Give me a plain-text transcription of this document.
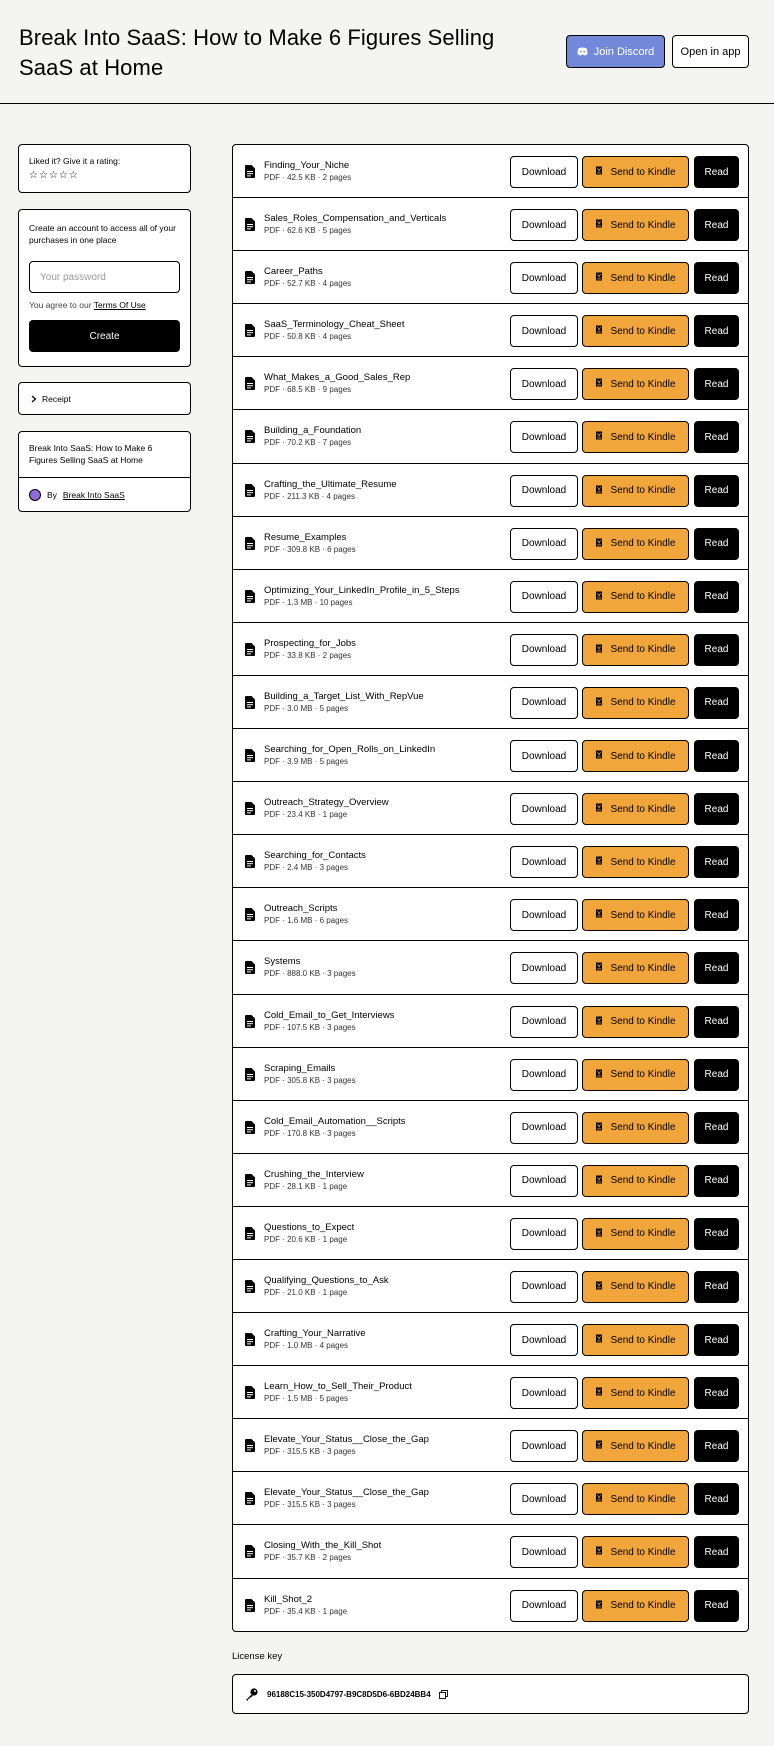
Break Into SaaS: How to Make 6 Figures Selling SaaS at Home
Join Discord	Open in app
Liked it? Give it a rating:
☆ ☆ ☆ ☆ ☆
Create an account to access all of your purchases in one place
You agree to our Terms Of Use
Create
Receipt
Break Into SaaS: How to Make 6 Figures Selling SaaS at Home
By Break Into SaaS
Finding_Your_Niche
PDF · 42.5 KB · 2 pages	Download	Send to Kindle	Read
Sales_Roles_Compensation_and_Verticals
PDF · 62.6 KB · 5 pages	Download	Send to Kindle	Read
Career_Paths
PDF · 52.7 KB · 4 pages	Download	Send to Kindle	Read
SaaS_Terminology_Cheat_Sheet
PDF · 50.8 KB · 4 pages	Download	Send to Kindle	Read
What_Makes_a_Good_Sales_Rep
PDF · 68.5 KB · 9 pages	Download	Send to Kindle	Read
Building_a_Foundation
PDF · 70.2 KB · 7 pages	Download	Send to Kindle	Read
Crafting_the_Ultimate_Resume
PDF · 211.3 KB · 4 pages	Download	Send to Kindle	Read
Resume_Examples
PDF · 309.8 KB · 6 pages	Download	Send to Kindle	Read
Optimizing_Your_LinkedIn_Profile_in_5_Steps
PDF · 1.3 MB · 10 pages	Download	Send to Kindle	Read
Prospecting_for_Jobs
PDF · 33.8 KB · 2 pages	Download	Send to Kindle	Read
Building_a_Target_List_With_RepVue
PDF · 3.0 MB · 5 pages	Download	Send to Kindle	Read
Searching_for_Open_Rolls_on_LinkedIn
PDF · 3.9 MB · 5 pages	Download	Send to Kindle	Read
Outreach_Strategy_Overview
PDF · 23.4 KB · 1 page	Download	Send to Kindle	Read
Searching_for_Contacts
PDF · 2.4 MB · 3 pages	Download	Send to Kindle	Read
Outreach_Scripts
PDF · 1.6 MB · 6 pages	Download	Send to Kindle	Read
Systems
PDF · 888.0 KB · 3 pages	Download	Send to Kindle	Read
Cold_Email_to_Get_Interviews
PDF · 107.5 KB · 3 pages	Download	Send to Kindle	Read
Scraping_Emails
PDF · 305.8 KB · 3 pages	Download	Send to Kindle	Read
Cold_Email_Automation__Scripts
PDF · 170.8 KB · 3 pages	Download	Send to Kindle	Read
Crushing_the_Interview
PDF · 28.1 KB · 1 page	Download	Send to Kindle	Read
Questions_to_Expect
PDF · 20.6 KB · 1 page	Download	Send to Kindle	Read
Qualifying_Questions_to_Ask
PDF · 21.0 KB · 1 page	Download	Send to Kindle	Read
Crafting_Your_Narrative
PDF · 1.0 MB · 4 pages	Download	Send to Kindle	Read
Learn_How_to_Sell_Their_Product
PDF · 1.5 MB · 5 pages	Download	Send to Kindle	Read
Elevate_Your_Status__Close_the_Gap
PDF · 315.5 KB · 3 pages	Download	Send to Kindle	Read
Elevate_Your_Status__Close_the_Gap
PDF · 315.5 KB · 3 pages	Download	Send to Kindle	Read
Closing_With_the_Kill_Shot
PDF · 35.7 KB · 2 pages	Download	Send to Kindle	Read
Kill_Shot_2
PDF · 35.4 KB · 1 page	Download	Send to Kindle	Read
License key
96188C15-350D4797-B9C8D5D6-6BD24BB4
